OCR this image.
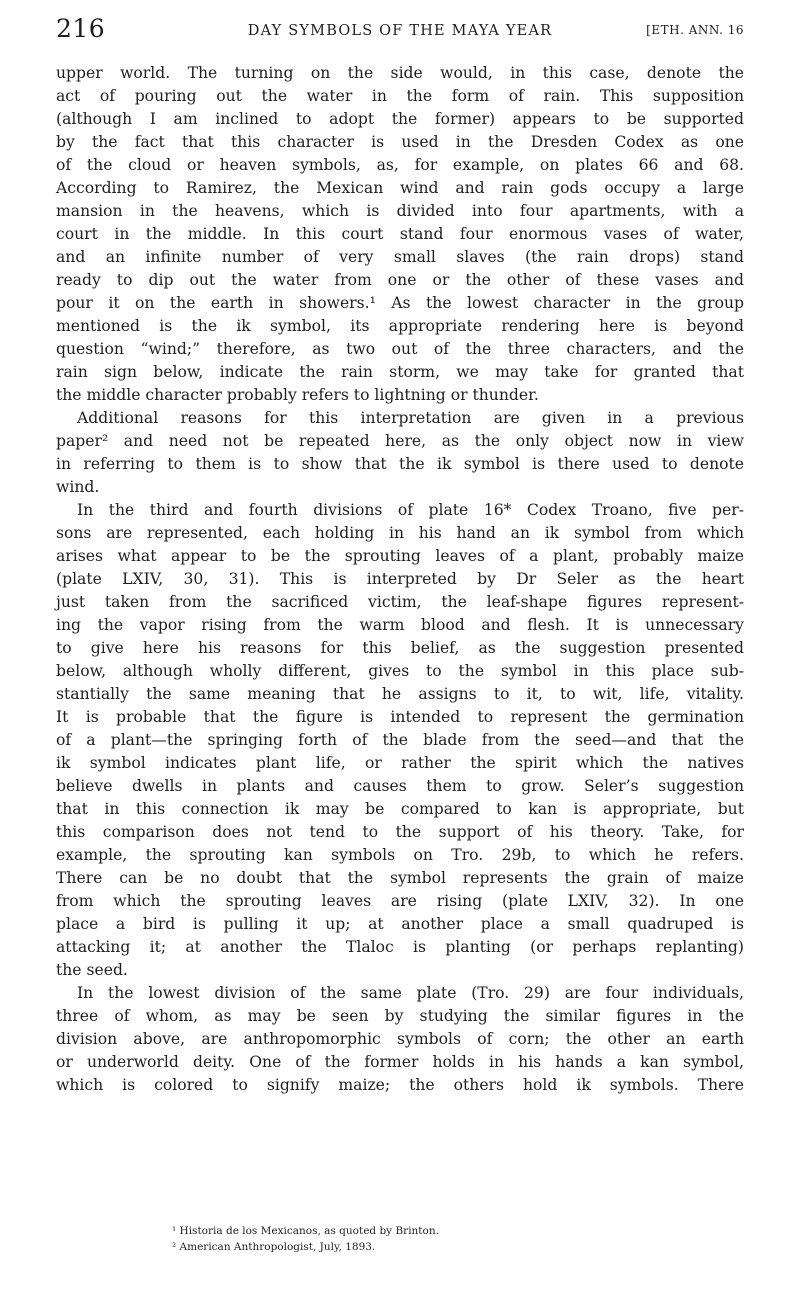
216	DAY SYMBOLS OF THE MAYA YEAR	[ETH. ANN. 16
upper world. The turning on the side would, in this case, denote the
act of pouring out the water in the form of rain. This supposition
(although I am inclined to adopt the former) appears to be supported
by the fact that this character is used in the Dresden Codex as one
of the cloud or heaven symbols, as, for example, on plates 66 and 68.
According to Ramirez, the Mexican wind and rain gods occupy a large
mansion in the heavens, which is divided into four apartments, with a
court in the middle. In this court stand four enormous vases of water,
and an infinite number of very small slaves (the rain drops) stand
ready to dip out the water from one or the other of these vases and
pour it on the earth in showers.¹ As the lowest character in the group
mentioned is the ik symbol, its appropriate rendering here is beyond
question “wind;” therefore, as two out of the three characters, and the
rain sign below, indicate the rain storm, we may take for granted that
the middle character probably refers to lightning or thunder.
Additional reasons for this interpretation are given in a previous
paper² and need not be repeated here, as the only object now in view
in referring to them is to show that the ik symbol is there used to denote
wind.
In the third and fourth divisions of plate 16* Codex Troano, five per-
sons are represented, each holding in his hand an ik symbol from which
arises what appear to be the sprouting leaves of a plant, probably maize
(plate LXIV, 30, 31). This is interpreted by Dr Seler as the heart
just taken from the sacrificed victim, the leaf-shape figures represent-
ing the vapor rising from the warm blood and flesh. It is unnecessary
to give here his reasons for this belief, as the suggestion presented
below, although wholly different, gives to the symbol in this place sub-
stantially the same meaning that he assigns to it, to wit, life, vitality.
It is probable that the figure is intended to represent the germination
of a plant—the springing forth of the blade from the seed—and that the
ik symbol indicates plant life, or rather the spirit which the natives
believe dwells in plants and causes them to grow. Seler’s suggestion
that in this connection ik may be compared to kan is appropriate, but
this comparison does not tend to the support of his theory. Take, for
example, the sprouting kan symbols on Tro. 29b, to which he refers.
There can be no doubt that the symbol represents the grain of maize
from which the sprouting leaves are rising (plate LXIV, 32). In one
place a bird is pulling it up; at another place a small quadruped is
attacking it; at another the Tlaloc is planting (or perhaps replanting)
the seed.
In the lowest division of the same plate (Tro. 29) are four individuals,
three of whom, as may be seen by studying the similar figures in the
division above, are anthropomorphic symbols of corn; the other an earth
or underworld deity. One of the former holds in his hands a kan symbol,
which is colored to signify maize; the others hold ik symbols. There
¹ Historia de los Mexicanos, as quoted by Brinton.
² American Anthropologist, July, 1893.
